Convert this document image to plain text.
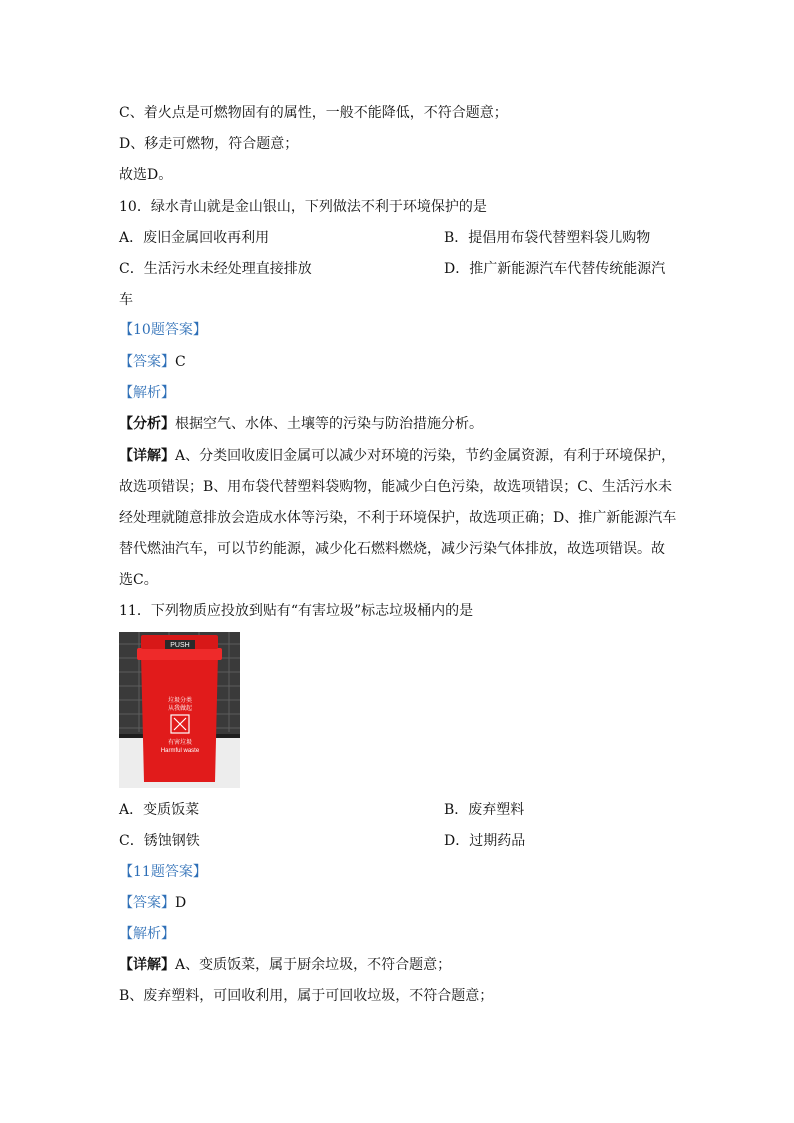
C、着火点是可燃物固有的属性，一般不能降低，不符合题意；
D、移走可燃物，符合题意；
故选D。
10．绿水青山就是金山银山，下列做法不利于环境保护的是
A．废旧金属回收再利用	B．提倡用布袋代替塑料袋儿购物
C．生活污水未经处理直接排放	D．推广新能源汽车代替传统能源汽
车
【10题答案】
【答案】C
【解析】
【分析】根据空气、水体、土壤等的污染与防治措施分析。
【详解】A、分类回收废旧金属可以减少对环境的污染，节约金属资源，有利于环境保护，
故选项错误；B、用布袋代替塑料袋购物，能减少白色污染，故选项错误；C、生活污水未
经处理就随意排放会造成水体等污染，不利于环境保护，故选项正确；D、推广新能源汽车
替代燃油汽车，可以节约能源，减少化石燃料燃烧，减少污染气体排放，故选项错误。故
选C。
11．下列物质应投放到贴有“有害垃圾”标志垃圾桶内的是
PUSH
垃圾分类
从我做起
有害垃圾
Harmful waste
A．变质饭菜	B．废弃塑料
C．锈蚀钢铁	D．过期药品
【11题答案】
【答案】D
【解析】
【详解】A、变质饭菜，属于厨余垃圾，不符合题意；
B、废弃塑料，可回收利用，属于可回收垃圾，不符合题意；
